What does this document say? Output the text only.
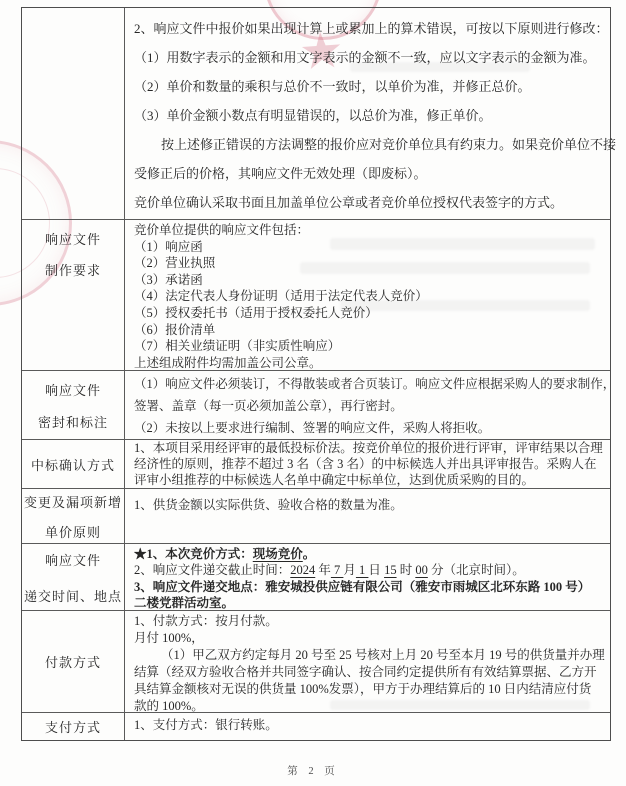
★
2、响应文件中报价如果出现计算上或累加上的算术错误，可按以下原则进行修改：
（1）用数字表示的金额和用文字表示的金额不一致，应以文字表示的金额为准。
（2）单价和数量的乘积与总价不一致时，以单价为准，并修正总价。
（3）单价金额小数点有明显错误的，以总价为准，修正单价。
按上述修正错误的方法调整的报价应对竞价单位具有约束力。如果竞价单位不接
受修正后的价格，其响应文件无效处理（即废标）。
竞价单位确认采取书面且加盖单位公章或者竞价单位授权代表签字的方式。
响应文件
制作要求
竞价单位提供的响应文件包括：
（1）响应函
（2）营业执照
（3）承诺函
（4）法定代表人身份证明（适用于法定代表人竞价）
（5）授权委托书（适用于授权委托人竞价）
（6）报价清单
（7）相关业绩证明（非实质性响应）
上述组成附件均需加盖公司公章。
响应文件
密封和标注
（1）响应文件必须装订，不得散装或者合页装订。响应文件应根据采购人的要求制作，
签署、盖章（每一页必须加盖公章），再行密封。
（2）未按以上要求进行编制、签署的响应文件，采购人将拒收。
中标确认方式
1、本项目采用经评审的最低投标价法。按竞价单位的报价进行评审，评审结果以合理
经济性的原则，推荐不超过 3 名（含 3 名）的中标候选人并出具评审报告。采购人在
评审小组推荐的中标候选人名单中确定中标单位，达到优质采购的目的。
变更及漏项新增
单价原则
1、供货金额以实际供货、验收合格的数量为准。
响应文件
递交时间、地点
★1、本次竞价方式：现场竞价。
2、响应文件递交截止时间：2024 年 7 月 1 日 15 时 00 分（北京时间）。
3、响应文件递交地点：雅安城投供应链有限公司（雅安市雨城区北环东路 100 号）
二楼党群活动室。
付款方式
1、付款方式：按月付款。
月付 100%，
（1）甲乙双方约定每月 20 号至 25 号核对上月 20 号至本月 19 号的供货量并办理
结算（经双方验收合格并共同签字确认、按合同约定提供所有有效结算票据、乙方开
具结算金额核对无误的供货量 100%发票），甲方于办理结算后的 10 日内结清应付货
款的 100%。
支付方式	1、支付方式：银行转账。
第 2 页
